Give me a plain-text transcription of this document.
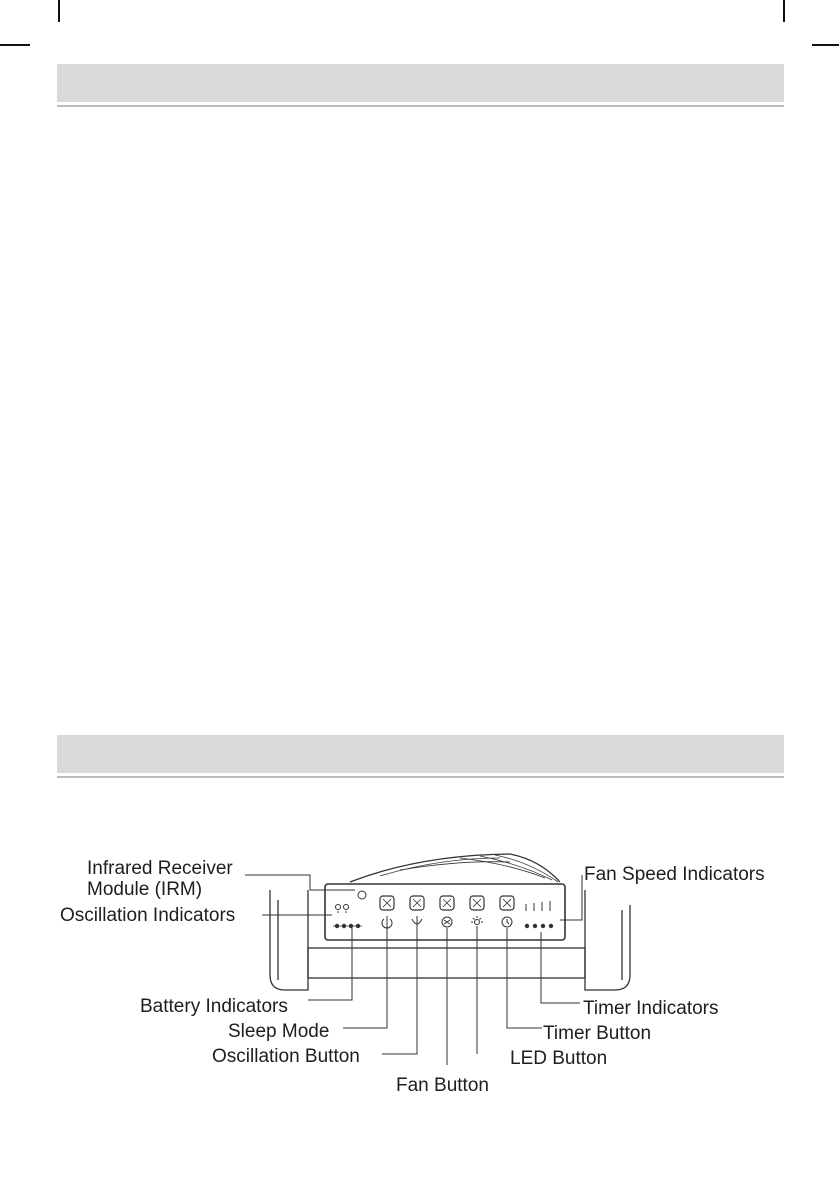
Infrared Receiver
Module (IRM)
Oscillation Indicators
Fan Speed Indicators
Battery Indicators
Sleep Mode
Oscillation Button
Fan Button
LED Button
Timer Button
Timer Indicators
